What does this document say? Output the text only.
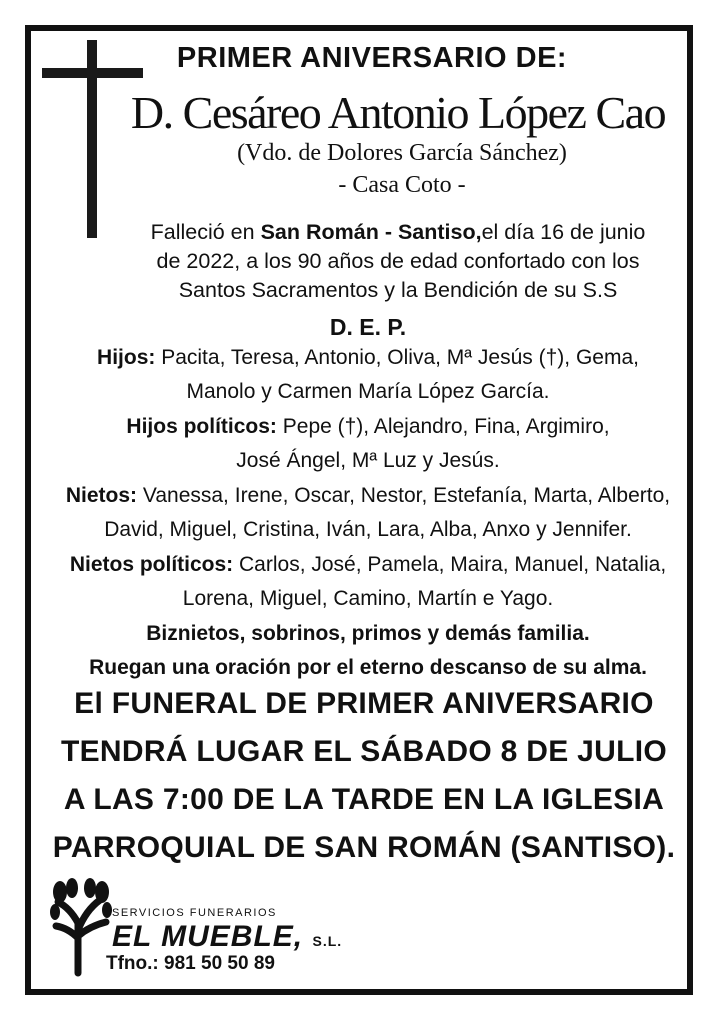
PRIMER ANIVERSARIO DE:
D. Cesáreo Antonio López Cao
(Vdo. de Dolores García Sánchez)
- Casa Coto -
Falleció en San Román - Santiso,el día 16 de junio
de 2022, a los 90 años de edad confortado con los
Santos Sacramentos y la Bendición de su S.S
D. E. P.
Hijos: Pacita, Teresa, Antonio, Oliva, Mª Jesús (†), Gema,
Manolo y Carmen María López García.
Hijos políticos: Pepe (†), Alejandro, Fina, Argimiro,
José Ángel, Mª Luz y Jesús.
Nietos: Vanessa, Irene, Oscar, Nestor, Estefanía, Marta, Alberto,
David, Miguel, Cristina, Iván, Lara, Alba, Anxo y Jennifer.
Nietos políticos: Carlos, José, Pamela, Maira, Manuel, Natalia,
Lorena, Miguel, Camino, Martín e Yago.
Biznietos, sobrinos, primos y demás familia.
Ruegan una oración por el eterno descanso de su alma.
El FUNERAL DE PRIMER ANIVERSARIO
TENDRÁ LUGAR EL SÁBADO 8 DE JULIO
A LAS 7:00 DE LA TARDE EN LA IGLESIA
PARROQUIAL DE SAN ROMÁN (SANTISO).
SERVICIOS FUNERARIOS
EL MUEBLE, S.L.
Tfno.: 981 50 50 89
